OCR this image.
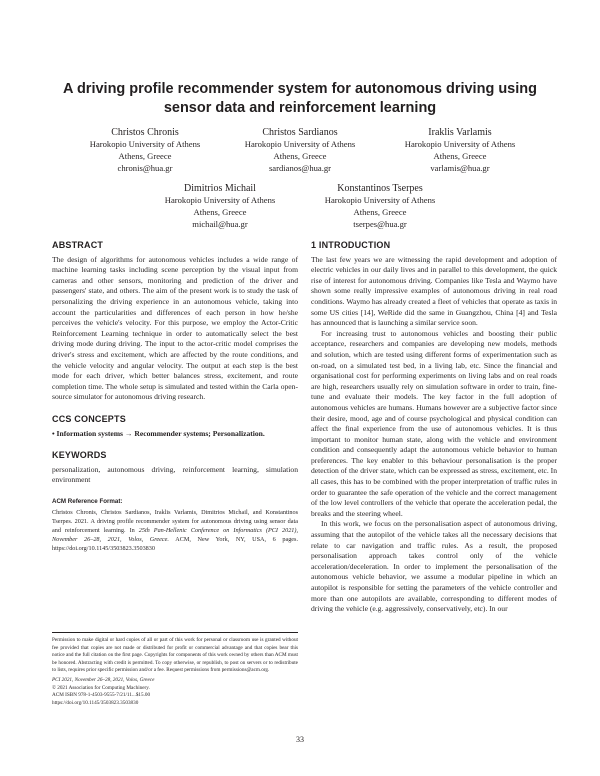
A driving profile recommender system for autonomous driving using sensor data and reinforcement learning
Christos Chronis
Harokopio University of Athens
Athens, Greece
chronis@hua.gr
Christos Sardianos
Harokopio University of Athens
Athens, Greece
sardianos@hua.gr
Iraklis Varlamis
Harokopio University of Athens
Athens, Greece
varlamis@hua.gr
Dimitrios Michail
Harokopio University of Athens
Athens, Greece
michail@hua.gr
Konstantinos Tserpes
Harokopio University of Athens
Athens, Greece
tserpes@hua.gr
ABSTRACT

The design of algorithms for autonomous vehicles includes a wide range of machine learning tasks including scene perception by the visual input from cameras and other sensors, monitoring and prediction of the driver and passengers' state, and others. The aim of the present work is to study the task of personalizing the driving experience in an autonomous vehicle, taking into account the particularities and differences of each person in how he/she perceives the vehicle's velocity. For this purpose, we employ the Actor-Critic Reinforcement Learning technique in order to automatically select the best driving mode during driving. The input to the actor-critic model comprises the driver's stress and excitement, which are affected by the route conditions, and the vehicle velocity and angular velocity. The output at each step is the best mode for each driver, which better balances stress, excitement, and route completion time. The whole setup is simulated and tested within the Carla open-source simulator for autonomous driving research.

CCS CONCEPTS

• Information systems → Recommender systems; Personalization.

KEYWORDS

personalization, autonomous driving, reinforcement learning, simulation environment

ACM Reference Format:
Christos Chronis, Christos Sardianos, Iraklis Varlamis, Dimitrios Michail, and Konstantinos Tserpes. 2021. A driving profile recommender system for autonomous driving using sensor data and reinforcement learning. In 25th Pan-Hellenic Conference on Informatics (PCI 2021), November 26–28, 2021, Volos, Greece. ACM, New York, NY, USA, 6 pages. https://doi.org/10.1145/3503823.3503830
Permission to make digital or hard copies of all or part of this work for personal or classroom use is granted without fee provided that copies are not made or distributed for profit or commercial advantage and that copies bear this notice and the full citation on the first page. Copyrights for components of this work owned by others than ACM must be honored. Abstracting with credit is permitted. To copy otherwise, or republish, to post on servers or to redistribute to lists, requires prior specific permission and/or a fee. Request permissions from permissions@acm.org.
PCI 2021, November 26–28, 2021, Volos, Greece
© 2021 Association for Computing Machinery.
ACM ISBN 978-1-4503-9555-7/21/11...$15.00
https://doi.org/10.1145/3503823.3503830
1 INTRODUCTION

The last few years we are witnessing the rapid development and adoption of electric vehicles in our daily lives and in parallel to this development, the quick rise of interest for autonomous driving. Companies like Tesla and Waymo have shown some really impressive examples of autonomous driving in real road conditions. Waymo has already created a fleet of vehicles that operate as taxis in some US cities [14], WeRide did the same in Guangzhou, China [4] and Tesla has announced that is launching a similar service soon.

For increasing trust to autonomous vehicles and boosting their public acceptance, researchers and companies are developing new models, methods and solution, which are tested using different forms of experimentation such as on-road, on a simulated test bed, in a living lab, etc. Since the financial and organisational cost for performing experiments on living labs and on real roads are high, researchers usually rely on simulation software in order to train, fine-tune and evaluate their models. The key factor in the full adoption of autonomous vehicles are humans. Humans however are a subjective factor since their desire, mood, age and of course psychological and physical condition can affect the final experience from the use of autonomous vehicles. It is thus important to monitor human state, along with the vehicle and environment condition and consequently adapt the autonomous vehicle behavior to human preferences. The key enabler to this behaviour personalisation is the proper detection of the driver state, which can be expressed as stress, excitement, etc. In all cases, this has to be combined with the proper interpretation of traffic rules in order to guarantee the safe operation of the vehicle and the correct management of the low level controllers of the vehicle that operate the acceleration pedal, the breaks and the steering wheel.

In this work, we focus on the personalisation aspect of autonomous driving, assuming that the autopilot of the vehicle takes all the necessary decisions that relate to car navigation and traffic rules. As a result, the proposed personalisation approach takes control only of the vehicle acceleration/deceleration. In order to implement the personalisation of the autonomous vehicle behavior, we assume a modular pipeline in which an autopilot is responsible for setting the parameters of the vehicle controller and more than one autopilots are available, corresponding to different modes of driving the vehicle (e.g. aggressively, conservatively, etc). In our

33
